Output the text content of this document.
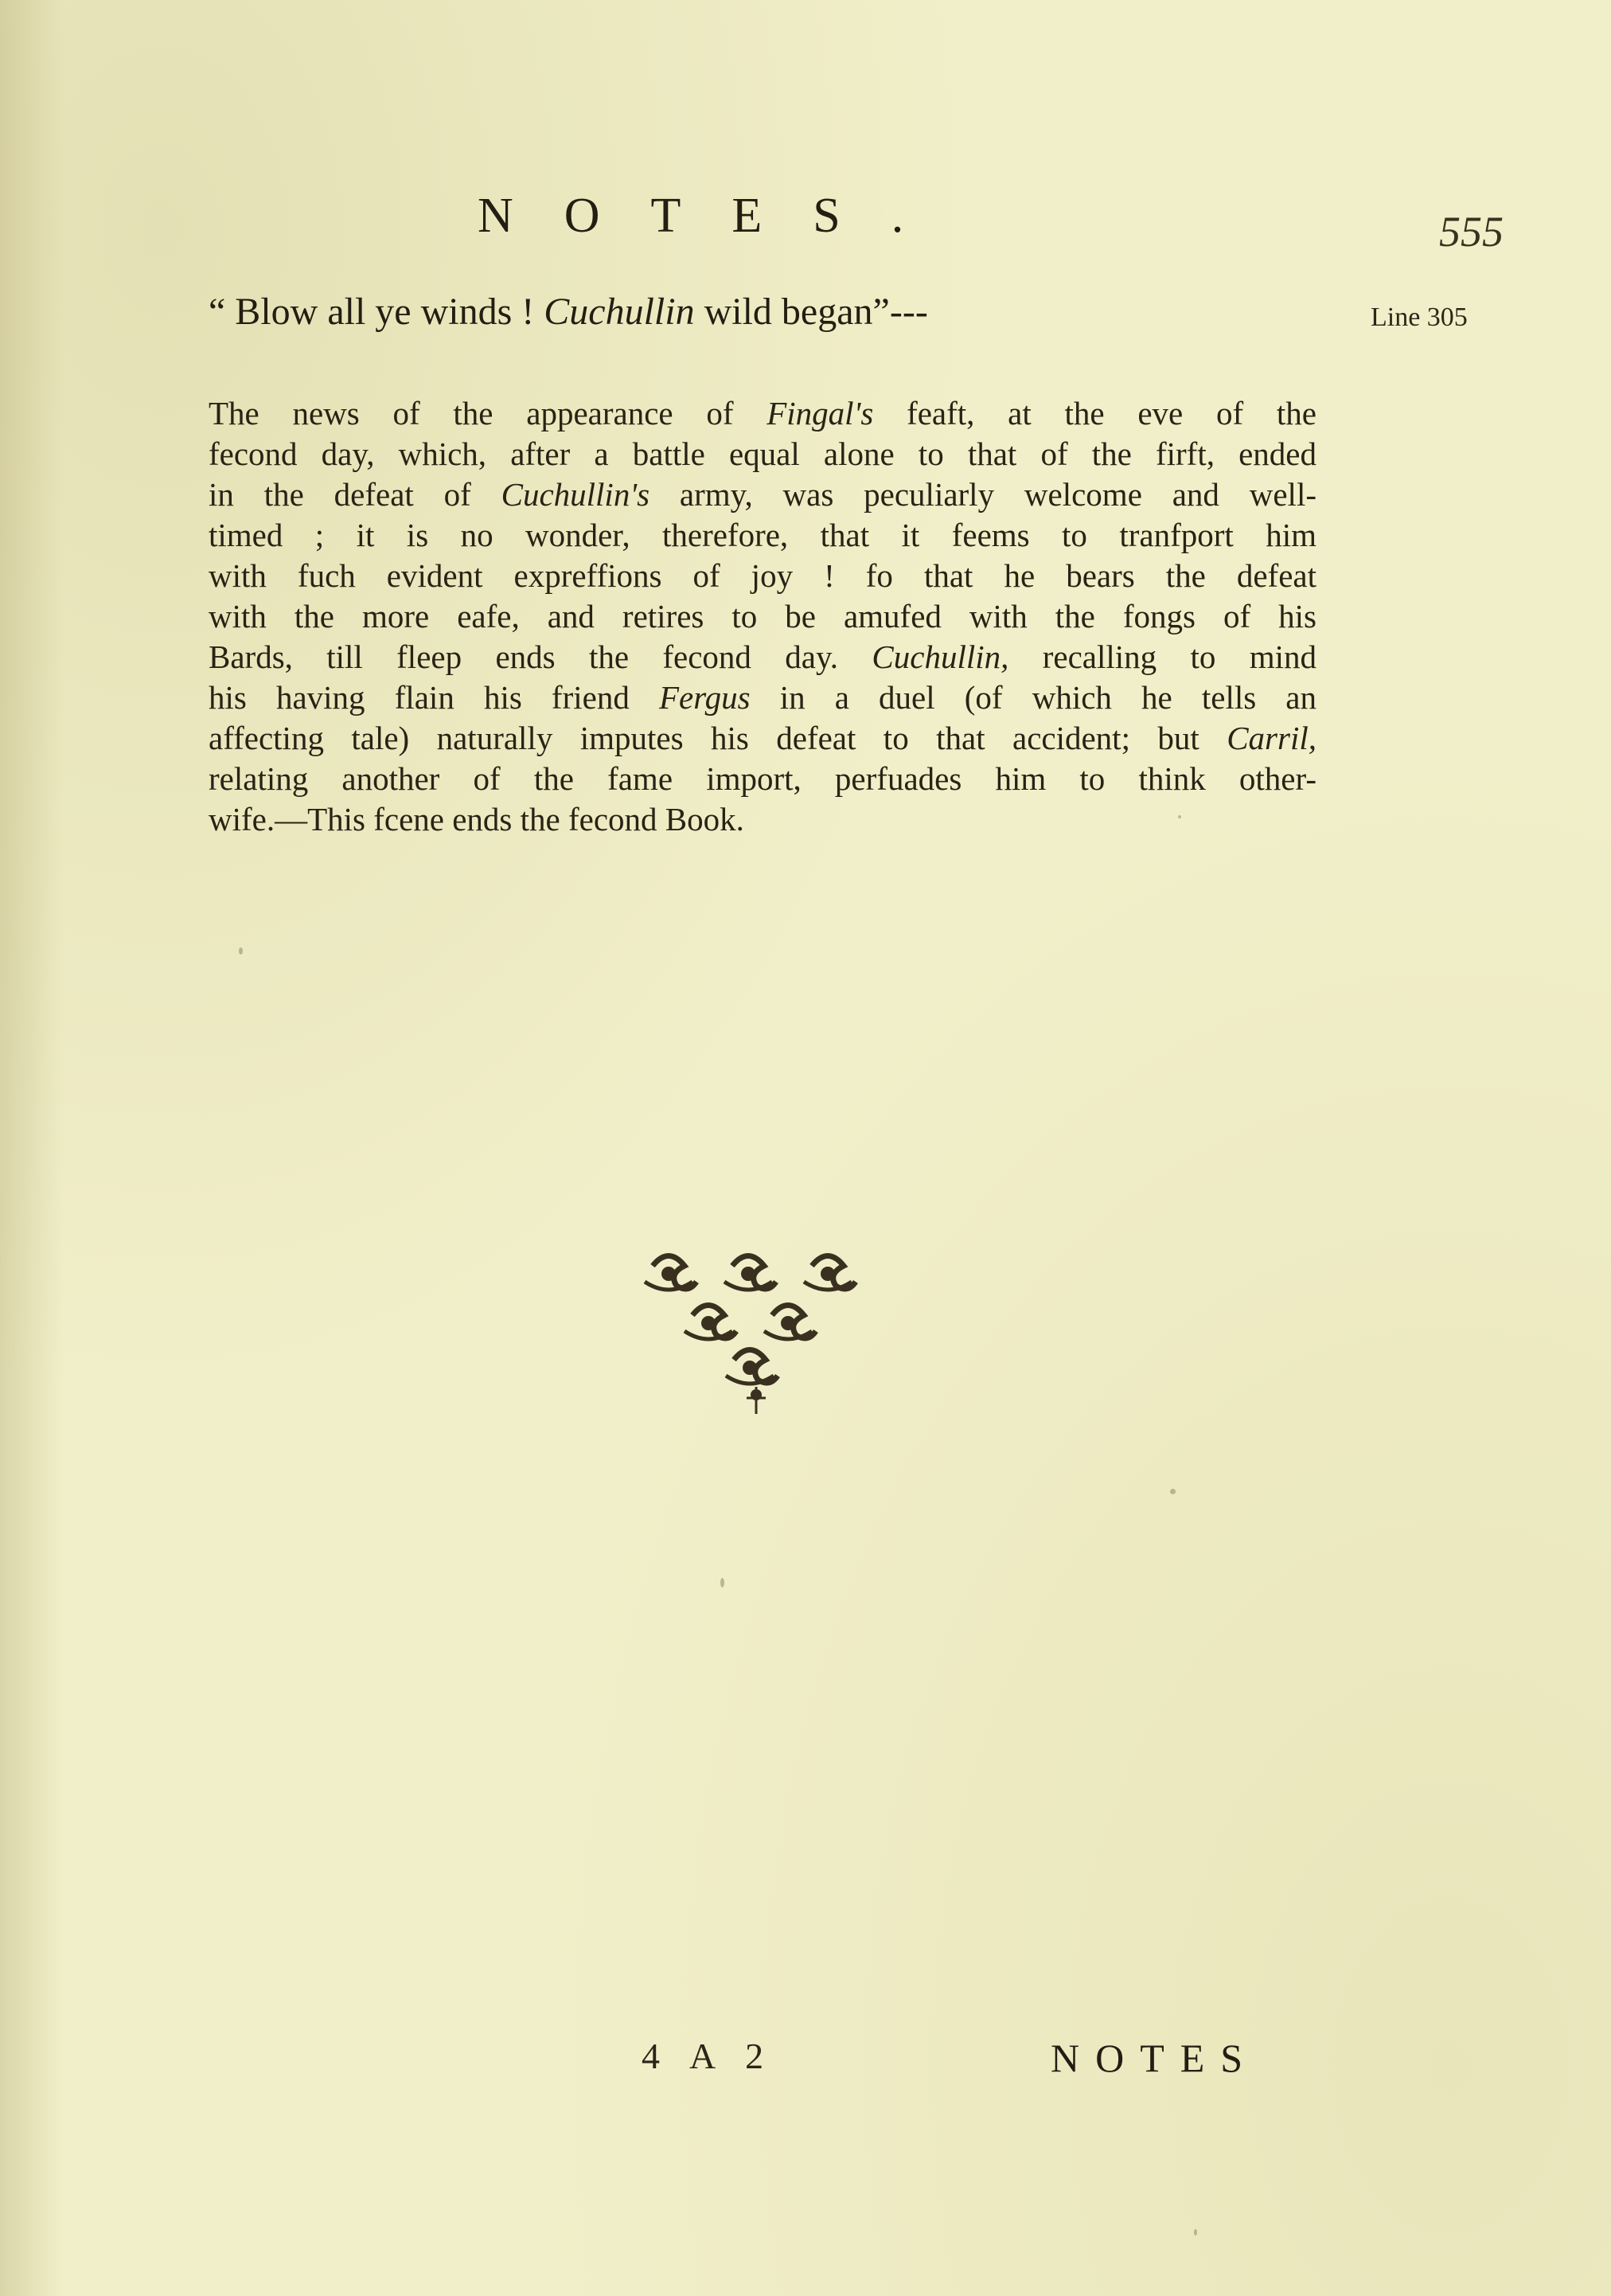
NOTES.	555
“ Blow all ye winds ! Cuchullin wild began”---	Line 305
The news of the appearance of Fingal's feaft, at the eve of the
fecond day, which, after a battle equal alone to that of the firft, ended
in the defeat of Cuchullin's army, was peculiarly welcome and well-
timed ; it is no wonder, therefore, that it feems to tranfport him
with fuch evident expreffions of joy ! fo that he bears the defeat
with the more eafe, and retires to be amufed with the fongs of his
Bards, till fleep ends the fecond day. Cuchullin, recalling to mind
his having flain his friend Fergus in a duel (of which he tells an
affecting tale) naturally imputes his defeat to that accident; but Carril,
relating another of the fame import, perfuades him to think other-
wife.—This fcene ends the fecond Book.
4 A 2	NOTES
